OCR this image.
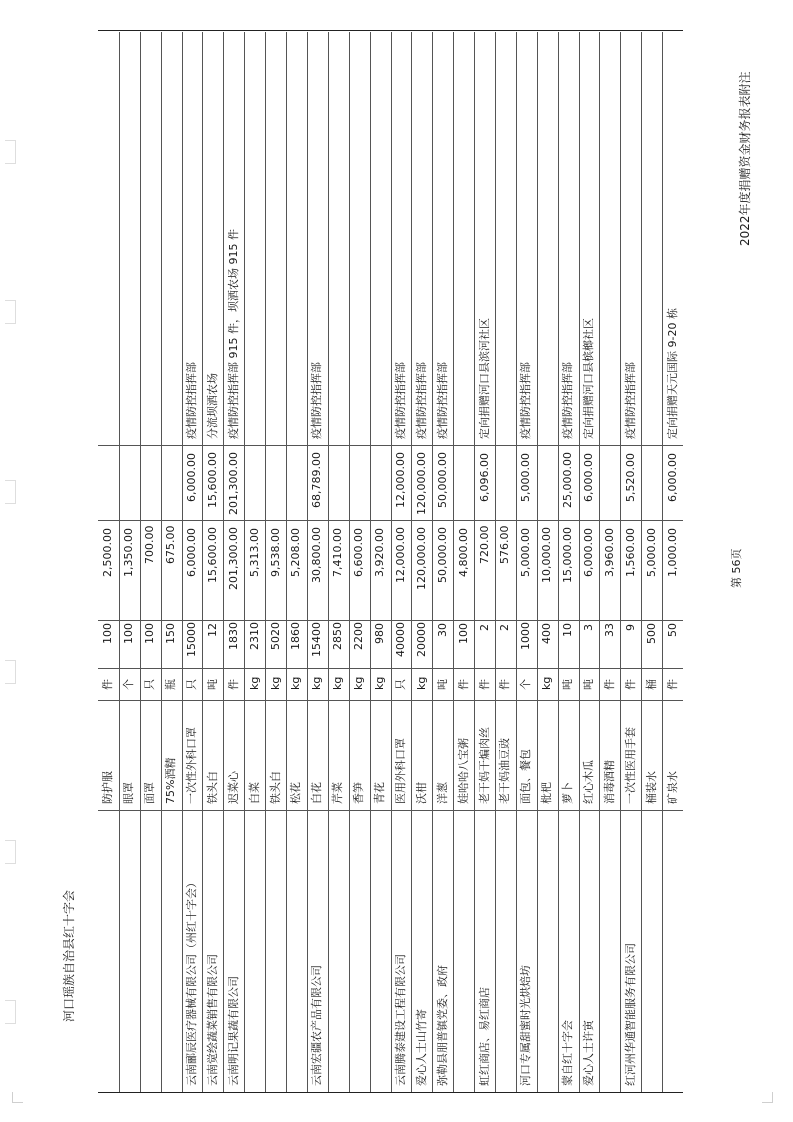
河口瑶族自治县红十字会
2022年度捐赠资金财务报表附注
第 56页
防护服
件
100
2,500.00
眼罩
个
100
1,350.00
面罩
只
100
700.00
75%酒精
瓶
150
675.00
云南郦辰医疗器械有限公司（州红十字会）
一次性外科口罩
只
15000
6,000.00
6,000.00
疫情防控指挥部
云南觉绘蔬菜销售有限公司
铁头白
吨
12
15,600.00
15,600.00
分流坝洒农场
云南明记果蔬有限公司
迟菜心
件
1830
201,300.00
201,300.00
疫情防控指挥部 915 件，坝洒农场 915 件
白菜
kg
2310
5,313.00
铁头白
kg
5020
9,538.00
松花
kg
1860
5,208.00
云南宏疆农产品有限公司
白花
kg
15400
30,800.00
68,789.00
疫情防控指挥部
芹菜
kg
2850
7,410.00
香笋
kg
2200
6,600.00
青花
kg
980
3,920.00
云南腾泰建设工程有限公司
医用外科口罩
只
40000
12,000.00
12,000.00
疫情防控指挥部
爱心人士山竹寄
沃柑
kg
20000
120,000.00
120,000.00
疫情防控指挥部
弥勒县朋普镇党委、政府
洋葱
吨
30
50,000.00
50,000.00
疫情防控指挥部
娃哈哈八宝粥
件
100
4,800.00
虹红商店、易红商店
老干妈干煸肉丝
件
2
720.00
6,096.00
定向捐赠河口县滨河社区
老干妈油豆豉
件
2
576.00
河口专属甜蜜时光烘焙坊
面包、餐包
个
1000
5,000.00
5,000.00
疫情防控指挥部
枇杷
kg
400
10,000.00
蒙自红十字会
萝卜
吨
10
15,000.00
25,000.00
疫情防控指挥部
爱心人士许寅
红心木瓜
吨
3
6,000.00
6,000.00
定向捐赠河口县槟榔社区
消毒酒精
件
33
3,960.00
红河州华通智能服务有限公司
一次性医用手套
件
9
1,560.00
5,520.00
疫情防控指挥部
桶装水
桶
500
5,000.00
矿泉水
件
50
1,000.00
6,000.00
定向捐赠天元国际 9-20 栋
